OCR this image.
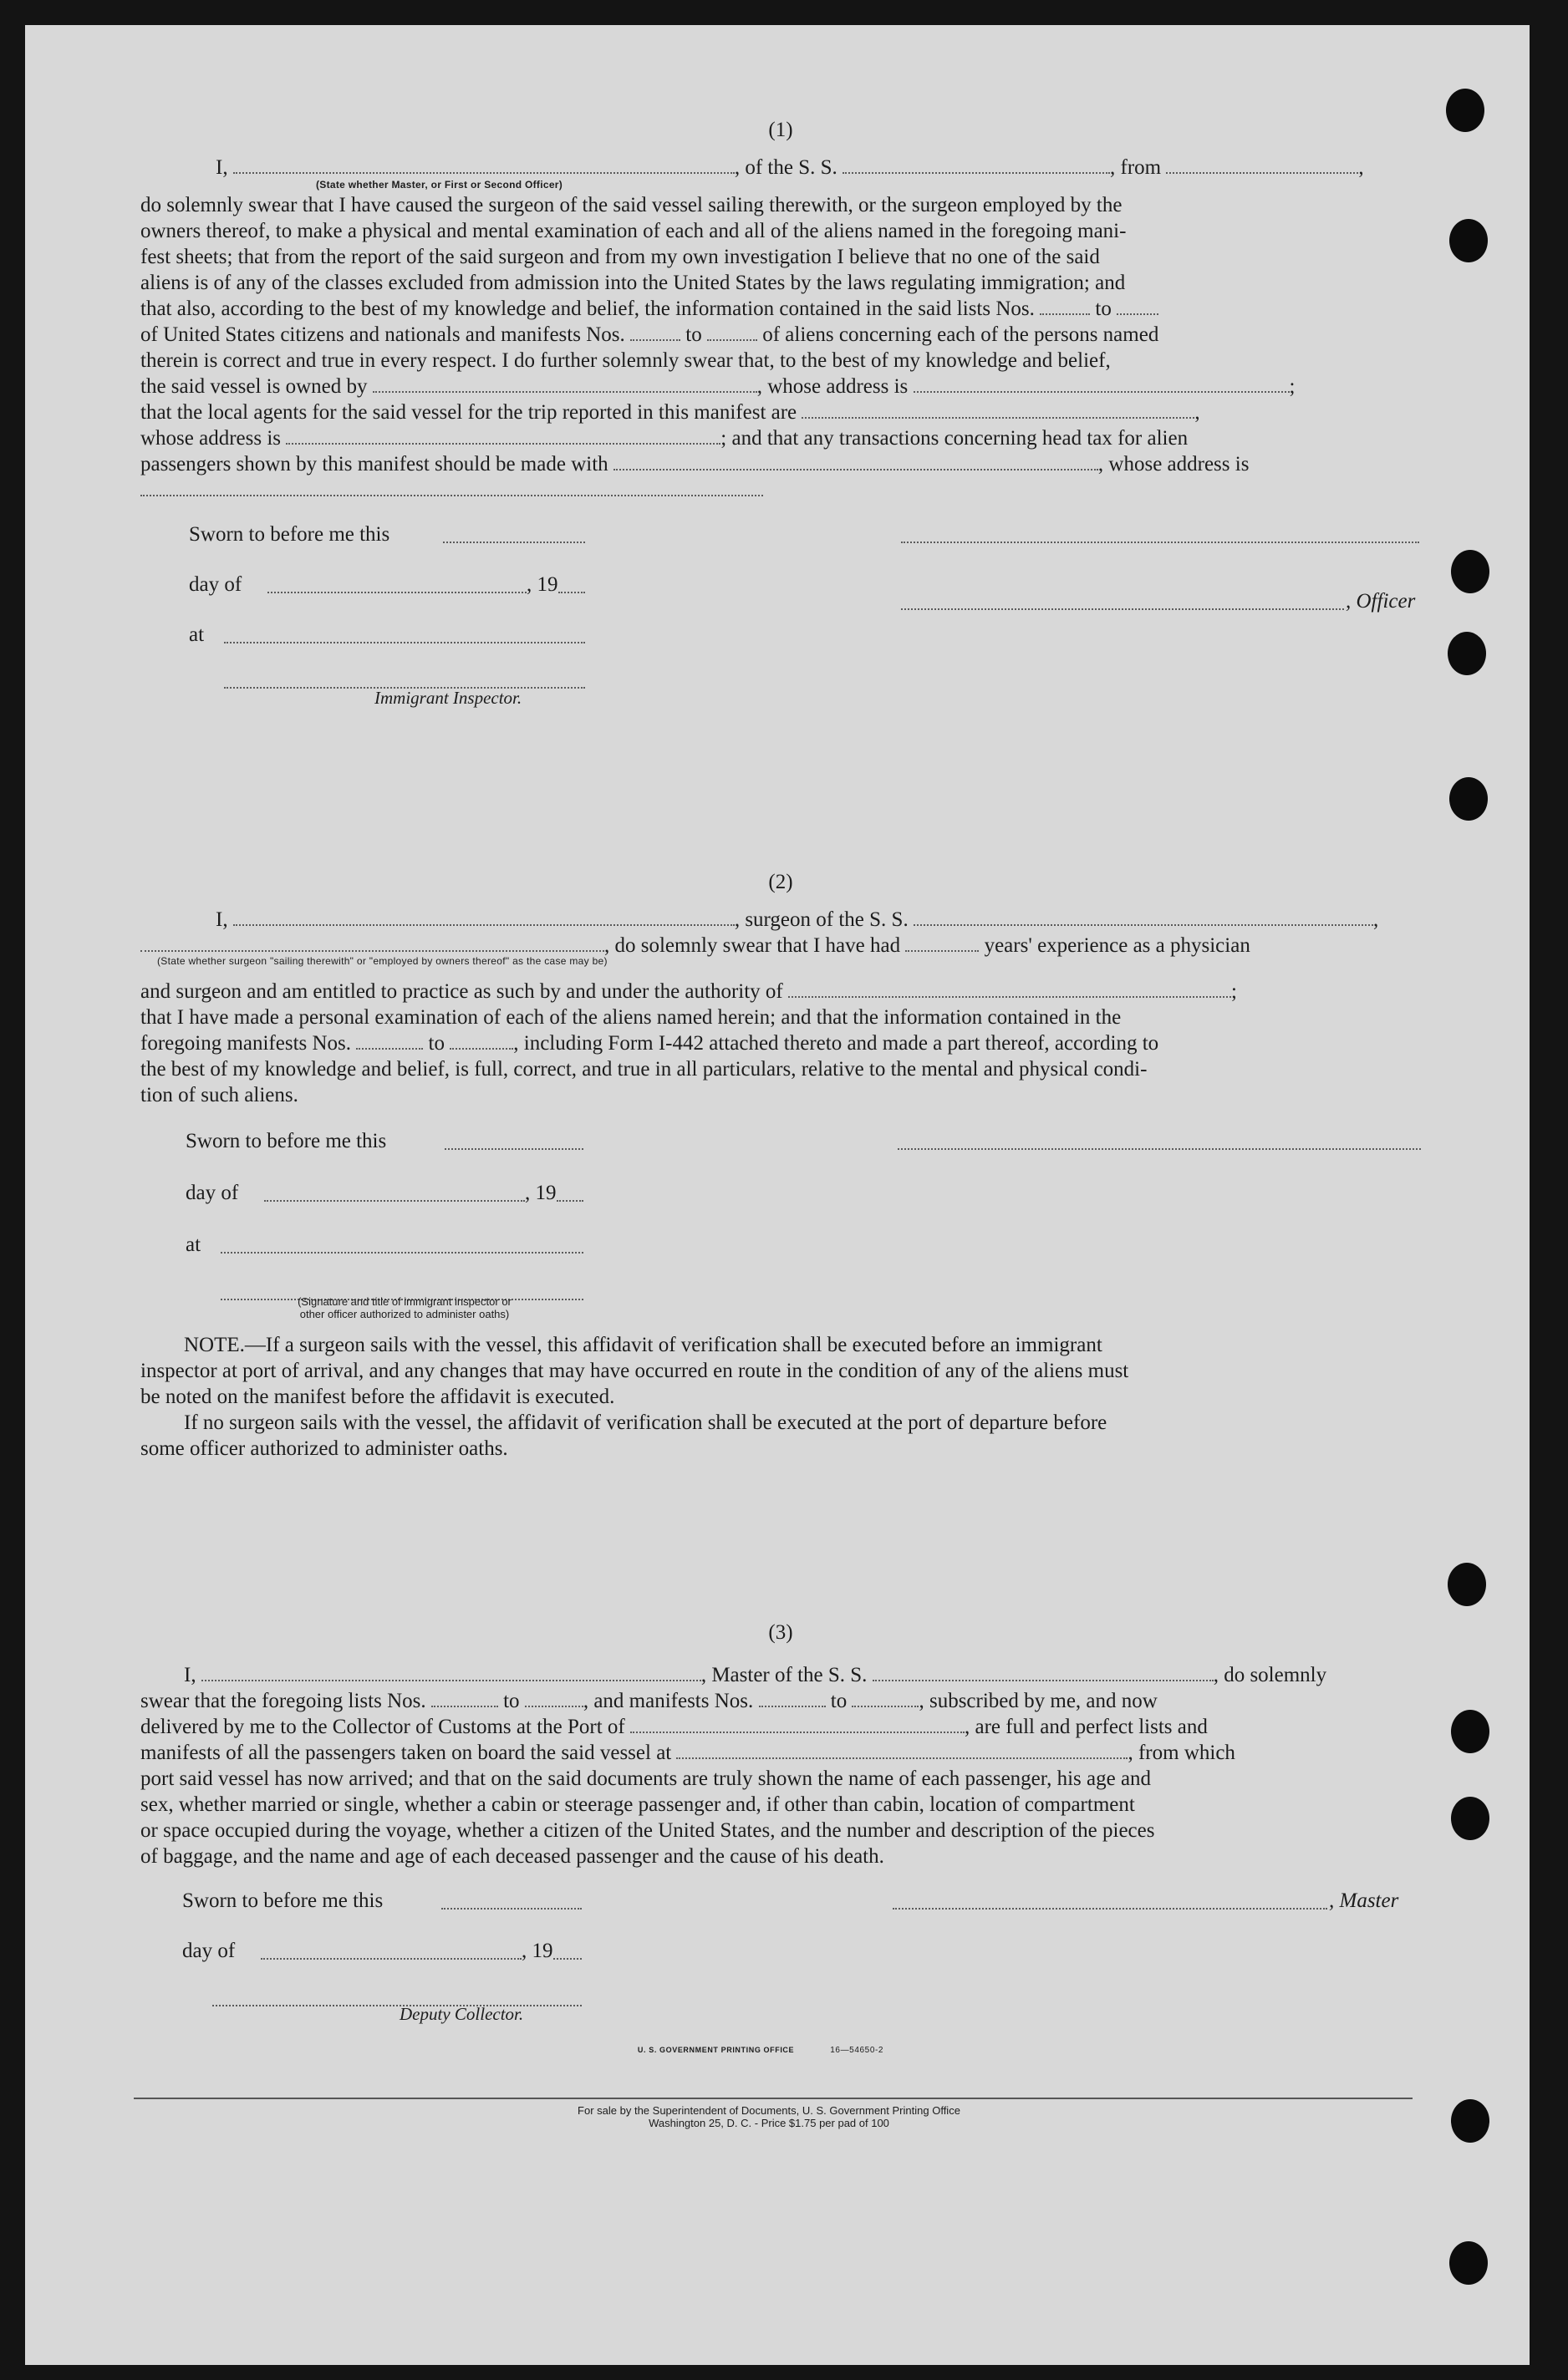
(1)
I,	, of the S. S.	, from	,
(State whether Master, or First or Second Officer)
do solemnly swear that I have caused the surgeon of the said vessel sailing therewith, or the surgeon employed by the
owners thereof, to make a physical and mental examination of each and all of the aliens named in the foregoing mani-
fest sheets; that from the report of the said surgeon and from my own investigation I believe that no one of the said
aliens is of any of the classes excluded from admission into the United States by the laws regulating immigration; and
that also, according to the best of my knowledge and belief, the information contained in the said lists Nos.	to
of United States citizens and nationals and manifests Nos.	to	of aliens concerning each of the persons named
therein is correct and true in every respect. I do further solemnly swear that, to the best of my knowledge and belief,
the said vessel is owned by	, whose address is	;
that the local agents for the said vessel for the trip reported in this manifest are	,
whose address is	; and that any transactions concerning head tax for alien
passengers shown by this manifest should be made with	, whose address is
Sworn to before me this
day of	, 19
, Officer
at
Immigrant Inspector.
(2)
I,	, surgeon of the S. S.	,
, do solemnly swear that I have had	years' experience as a physician
(State whether surgeon "sailing therewith" or "employed by owners thereof" as the case may be)
and surgeon and am entitled to practice as such by and under the authority of	;
that I have made a personal examination of each of the aliens named herein; and that the information contained in the
foregoing manifests Nos.	to	, including Form I-442 attached thereto and made a part thereof, according to
the best of my knowledge and belief, is full, correct, and true in all particulars, relative to the mental and physical condi-
tion of such aliens.
Sworn to before me this
day of	, 19
at
(Signature and title of immigrant inspector or
other officer authorized to administer oaths)
NOTE.—If a surgeon sails with the vessel, this affidavit of verification shall be executed before an immigrant
inspector at port of arrival, and any changes that may have occurred en route in the condition of any of the aliens must
be noted on the manifest before the affidavit is executed.
If no surgeon sails with the vessel, the affidavit of verification shall be executed at the port of departure before
some officer authorized to administer oaths.
(3)
I,	, Master of the S. S.	, do solemnly
swear that the foregoing lists Nos.	to	, and manifests Nos.	to	, subscribed by me, and now
delivered by me to the Collector of Customs at the Port of	, are full and perfect lists and
manifests of all the passengers taken on board the said vessel at	, from which
port said vessel has now arrived; and that on the said documents are truly shown the name of each passenger, his age and
sex, whether married or single, whether a cabin or steerage passenger and, if other than cabin, location of compartment
or space occupied during the voyage, whether a citizen of the United States, and the number and description of the pieces
of baggage, and the name and age of each deceased passenger and the cause of his death.
Sworn to before me this	, Master
day of	, 19
Deputy Collector.
U. S. GOVERNMENT PRINTING OFFICE	16—54650-2
For sale by the Superintendent of Documents, U. S. Government Printing Office
Washington 25, D. C. - Price $1.75 per pad of 100
